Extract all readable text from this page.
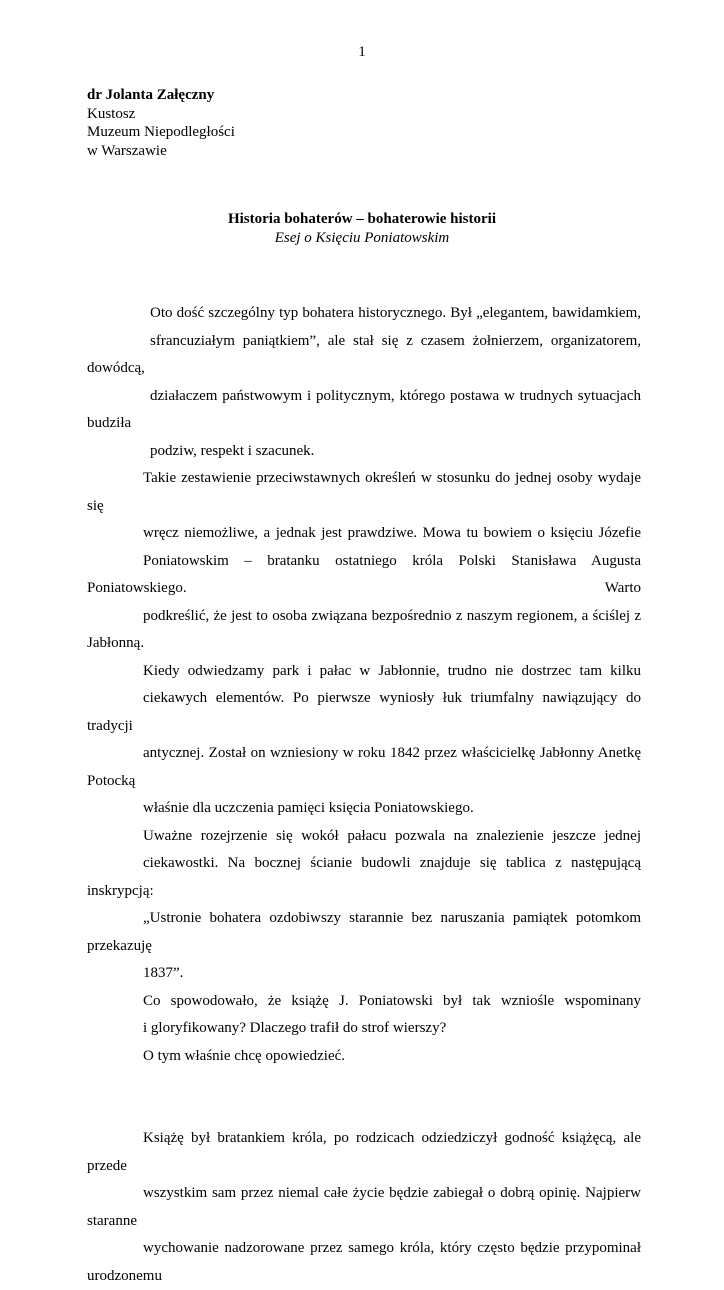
1
dr Jolanta Załęczny
Kustosz
Muzeum Niepodległości
w Warszawie
Historia bohaterów – bohaterowie historii
Esej o Księciu Poniatowskim

Oto dość szczególny typ bohatera historycznego. Był „elegantem, bawidamkiem,
sfrancuziałym paniątkiem”, ale stał się z czasem żołnierzem, organizatorem, dowódcą,
działaczem państwowym i politycznym, którego postawa w trudnych sytuacjach budziła
podziw, respekt i szacunek.

Takie zestawienie przeciwstawnych określeń w stosunku do jednej osoby wydaje się
wręcz niemożliwe, a jednak jest prawdziwe. Mowa tu bowiem o księciu Józefie
Poniatowskim – bratanku ostatniego króla Polski Stanisława Augusta Poniatowskiego. Warto
podkreślić, że jest to osoba związana bezpośrednio z naszym regionem, a ściślej z Jabłonną.

Kiedy odwiedzamy park i pałac w Jabłonnie, trudno nie dostrzec tam kilku
ciekawych elementów. Po pierwsze wyniosły łuk triumfalny nawiązujący do tradycji
antycznej. Został on wzniesiony w roku 1842 przez właścicielkę Jabłonny Anetkę Potocką
właśnie dla uczczenia pamięci księcia Poniatowskiego.

Uważne rozejrzenie się wokół pałacu pozwala na znalezienie jeszcze jednej
ciekawostki. Na bocznej ścianie budowli znajduje się tablica z następującą inskrypcją:
„Ustronie bohatera ozdobiwszy starannie bez naruszania pamiątek potomkom przekazuję
1837”.

Co spowodowało, że książę J. Poniatowski był tak wzniośle wspominany
i gloryfikowany? Dlaczego trafił do strof wierszy?

O tym właśnie chcę opowiedzieć.

Książę był bratankiem króla, po rodzicach odziedziczył godność książęcą, ale przede
wszystkim sam przez niemal całe życie będzie zabiegał o dobrą opinię. Najpierw staranne
wychowanie nadzorowane przez samego króla, który często będzie przypominał urodzonemu
